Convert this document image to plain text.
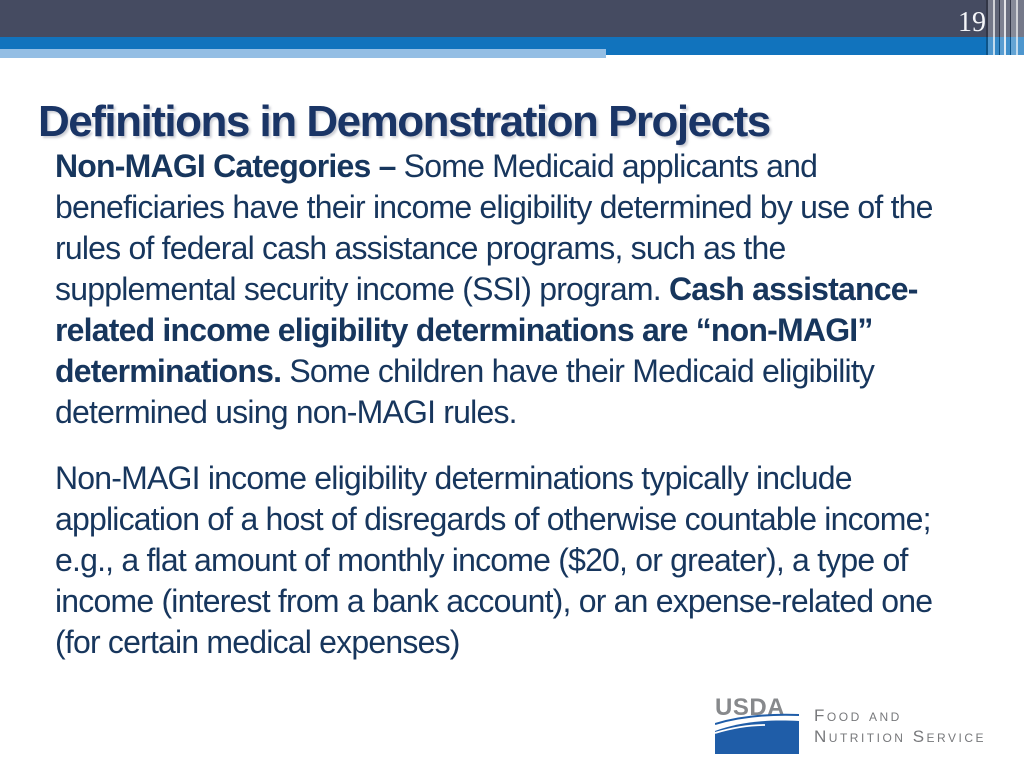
19
Definitions in Demonstration Projects

Non-MAGI Categories – Some Medicaid applicants and beneficiaries have their income eligibility determined by use of the rules of federal cash assistance programs, such as the supplemental security income (SSI) program. Cash assistance-related income eligibility determinations are “non-MAGI” determinations. Some children have their Medicaid eligibility determined using non-MAGI rules.

Non-MAGI income eligibility determinations typically include application of a host of disregards of otherwise countable income; e.g., a flat amount of monthly income ($20, or greater), a type of income (interest from a bank account), or an expense-related one (for certain medical expenses)

USDA Food and
Nutrition Service
